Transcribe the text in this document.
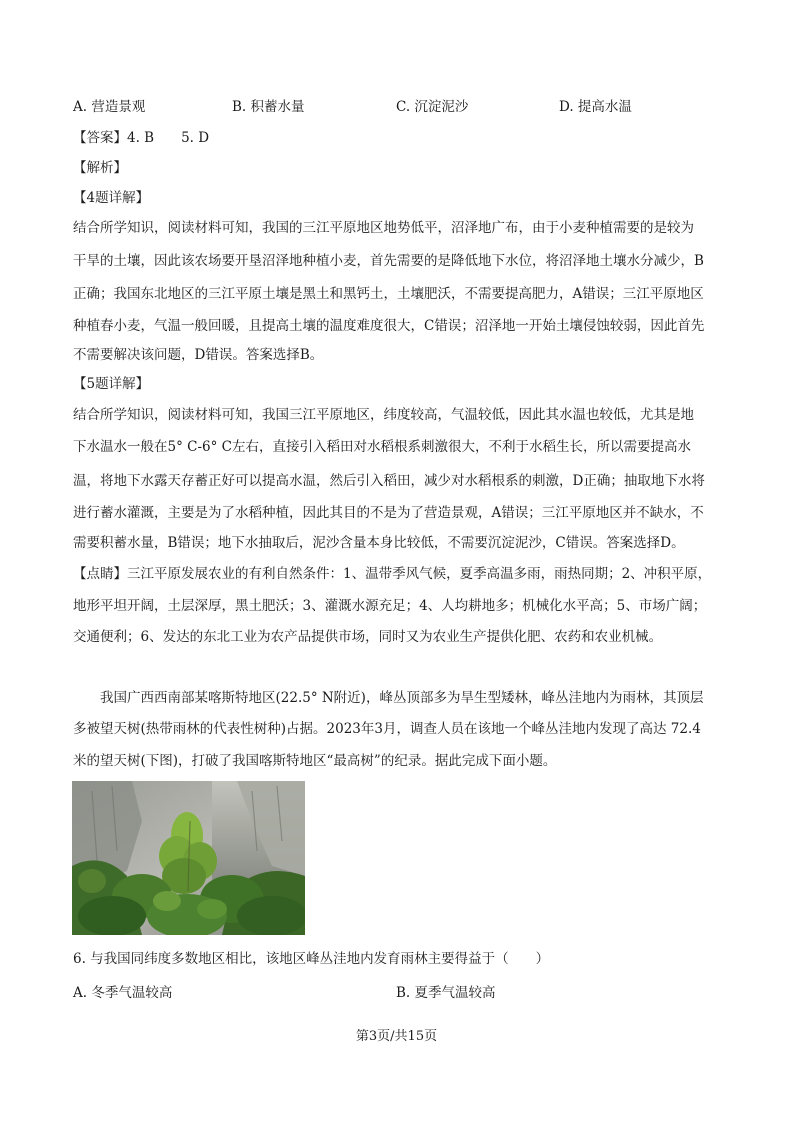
A. 营造景观	B. 积蓄水量	C. 沉淀泥沙	D. 提高水温
【答案】4. B　　5. D
【解析】
【4题详解】
结合所学知识，阅读材料可知，我国的三江平原地区地势低平，沼泽地广布，由于小麦种植需要的是较为
干旱的土壤，因此该农场要开垦沼泽地种植小麦，首先需要的是降低地下水位，将沼泽地土壤水分减少，B
正确；我国东北地区的三江平原土壤是黑土和黑钙土，土壤肥沃，不需要提高肥力，A错误；三江平原地区
种植春小麦，气温一般回暖，且提高土壤的温度难度很大，C错误；沼泽地一开始土壤侵蚀较弱，因此首先
不需要解决该问题，D错误。答案选择B。
【5题详解】
结合所学知识，阅读材料可知，我国三江平原地区，纬度较高，气温较低，因此其水温也较低，尤其是地
下水温水一般在5° C-6° C左右，直接引入稻田对水稻根系刺激很大，不利于水稻生长，所以需要提高水
温，将地下水露天存蓄正好可以提高水温，然后引入稻田，减少对水稻根系的刺激，D正确；抽取地下水将
进行蓄水灌溉，主要是为了水稻种植，因此其目的不是为了营造景观，A错误；三江平原地区并不缺水，不
需要积蓄水量，B错误；地下水抽取后，泥沙含量本身比较低，不需要沉淀泥沙，C错误。答案选择D。
【点睛】三江平原发展农业的有利自然条件：1、温带季风气候，夏季高温多雨，雨热同期；2、冲积平原，
地形平坦开阔，土层深厚，黑土肥沃；3、灌溉水源充足；4、人均耕地多；机械化水平高；5、市场广阔；
交通便利；6、发达的东北工业为农产品提供市场，同时又为农业生产提供化肥、农药和农业机械。
　　我国广西西南部某喀斯特地区(22.5° N附近)，峰丛顶部多为旱生型矮林，峰丛洼地内为雨林，其顶层
多被望天树(热带雨林的代表性树种)占据。2023年3月，调查人员在该地一个峰丛洼地内发现了高达 72.4
米的望天树(下图)，打破了我国喀斯特地区“最高树”的纪录。据此完成下面小题。
6. 与我国同纬度多数地区相比，该地区峰丛洼地内发育雨林主要得益于（　　）
A. 冬季气温较高	B. 夏季气温较高
第3页/共15页
